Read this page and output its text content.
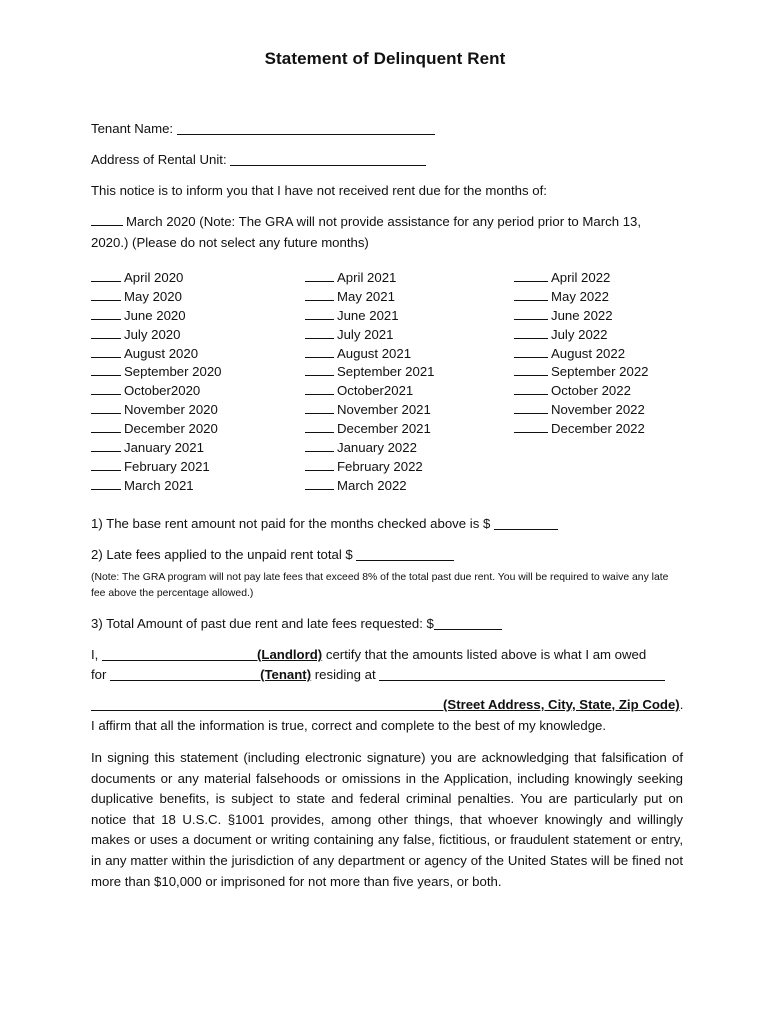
Statement of Delinquent Rent
Tenant Name:
Address of Rental Unit:
This notice is to inform you that I have not received rent due for the months of:
March 2020 (Note: The GRA will not provide assistance for any period prior to March 13, 2020.) (Please do not select any future months)
April 2020
May 2020
June 2020
July 2020
August 2020
September 2020
October2020
November 2020
December 2020
January 2021
February 2021
March 2021
April 2021
May 2021
June 2021
July 2021
August 2021
September 2021
October2021
November 2021
December 2021
January 2022
February 2022
March 2022
April 2022
May 2022
June 2022
July 2022
August 2022
September 2022
October 2022
November 2022
December 2022
1) The base rent amount not paid for the months checked above is $
2) Late fees applied to the unpaid rent total $
(Note: The GRA program will not pay late fees that exceed 8% of the total past due rent. You will be required to waive any late fee above the percentage allowed.)
3) Total Amount of past due rent and late fees requested: $
I,	(Landlord) certify that the amounts listed above is what I am owed
for	(Tenant) residing at
(Street Address, City, State, Zip Code).
I affirm that all the information is true, correct and complete to the best of my knowledge.
In signing this statement (including electronic signature) you are acknowledging that falsification of documents or any material falsehoods or omissions in the Application, including knowingly seeking duplicative benefits, is subject to state and federal criminal penalties. You are particularly put on notice that 18 U.S.C. §1001 provides, among other things, that whoever knowingly and willingly makes or uses a document or writing containing any false, fictitious, or fraudulent statement or entry, in any matter within the jurisdiction of any department or agency of the United States will be fined not more than $10,000 or imprisoned for not more than five years, or both.
